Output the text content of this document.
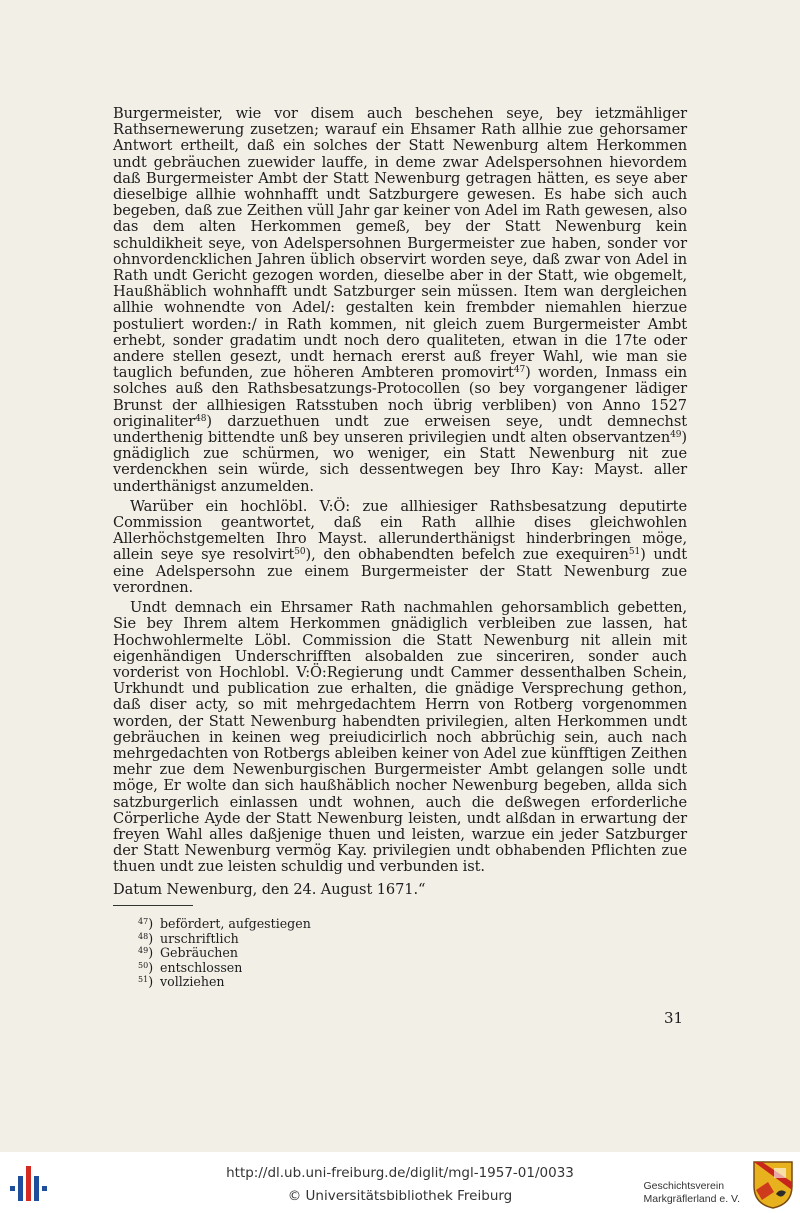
Burgermeister, wie vor disem auch beschehen seye, bey ietzmähliger Rathsernewerung zusetzen; warauf ein Ehsamer Rath allhie zue gehorsamer Antwort ertheilt, daß ein solches der Statt Newenburg altem Herkommen undt gebräuchen zuewider lauffe, in deme zwar Adelspersohnen hievordem daß Burgermeister Ambt der Statt Newenburg getragen hätten, es seye aber dieselbige allhie wohnhafft undt Satzburgere gewesen. Es habe sich auch begeben, daß zue Zeithen vüll Jahr gar keiner von Adel im Rath gewesen, also das dem alten Herkommen gemeß, bey der Statt Newenburg kein schuldikheit seye, von Adelspersohnen Burgermeister zue haben, sonder vor ohnvordencklichen Jahren üblich observirt worden seye, daß zwar von Adel in Rath undt Gericht gezogen worden, dieselbe aber in der Statt, wie obgemelt, Haußhäblich wohnhafft undt Satzburger sein müssen. Item wan dergleichen allhie wohnendte von Adel/: gestalten kein frembder niemahlen hierzue postuliert worden:/ in Rath kommen, nit gleich zuem Burgermeister Ambt erhebt, sonder gradatim undt noch dero qualiteten, etwan in die 17te oder andere stellen gesezt, undt hernach ererst auß freyer Wahl, wie man sie tauglich befunden, zue höheren Ambteren promovirt$^{47}$) worden, Inmass ein solches auß den Rathsbesatzungs-Protocollen (so bey vorgangener lädiger Brunst der allhiesigen Ratsstuben noch übrig verbliben) von Anno 1527 originaliter$^{48}$) darzuethuen undt zue erweisen seye, undt demnechst underthenig bittendte unß bey unseren privilegien undt alten observantzen$^{49}$) gnädiglich zue schürmen, wo weniger, ein Statt Newenburg nit zue verdenckhen sein würde, sich dessentwegen bey Ihro Kay: Mayst. aller underthänigst anzumelden.

Warüber ein hochlöbl. V:Ö: zue allhiesiger Rathsbesatzung deputirte Commission geantwortet, daß ein Rath allhie dises gleichwohlen Allerhöchstgemelten Ihro Mayst. allerunderthänigst hinderbringen möge, allein seye sye resolvirt$^{50}$), den obhabendten befelch zue exequiren$^{51}$) undt eine Adelspersohn zue einem Burgermeister der Statt Newenburg zue verordnen.

Undt demnach ein Ehrsamer Rath nachmahlen gehorsamblich gebetten, Sie bey Ihrem altem Herkommen gnädiglich verbleiben zue lassen, hat Hochwohlermelte Löbl. Commission die Statt Newenburg nit allein mit eigenhändigen Underschrifften alsobalden zue sinceriren, sonder auch vorderist von Hochlobl. V:Ö:Regierung undt Cammer dessenthalben Schein, Urkhundt und publication zue erhalten, die gnädige Versprechung gethon, daß diser acty, so mit mehrgedachtem Herrn von Rotberg vorgenommen worden, der Statt Newenburg habendten privilegien, alten Herkommen undt gebräuchen in keinen weg preiudicirlich noch abbrüchig sein, auch nach mehrgedachten von Rotbergs ableiben keiner von Adel zue künfftigen Zeithen mehr zue dem Newenburgischen Burgermeister Ambt gelangen solle undt möge, Er wolte dan sich haußhäblich nocher Newenburg begeben, allda sich satzburgerlich einlassen undt wohnen, auch die deßwegen erforderliche Cörperliche Ayde der Statt Newenburg leisten, undt alßdan in erwartung der freyen Wahl alles daßjenige thuen und leisten, warzue ein jeder Satzburger der Statt Newenburg vermög Kay. privilegien undt obhabenden Pflichten zue thuen undt zue leisten schuldig und verbunden ist.

Datum Newenburg, den 24. August 1671.“

$^{47}$) befördert, aufgestiegen
$^{48}$) urschriftlich
$^{49}$) Gebräuchen
$^{50}$) entschlossen
$^{51}$) vollziehen
31
http://dl.ub.uni-freiburg.de/diglit/mgl-1957-01/0033
© Universitätsbibliothek Freiburg
Geschichtsverein
Markgräflerland e. V.
